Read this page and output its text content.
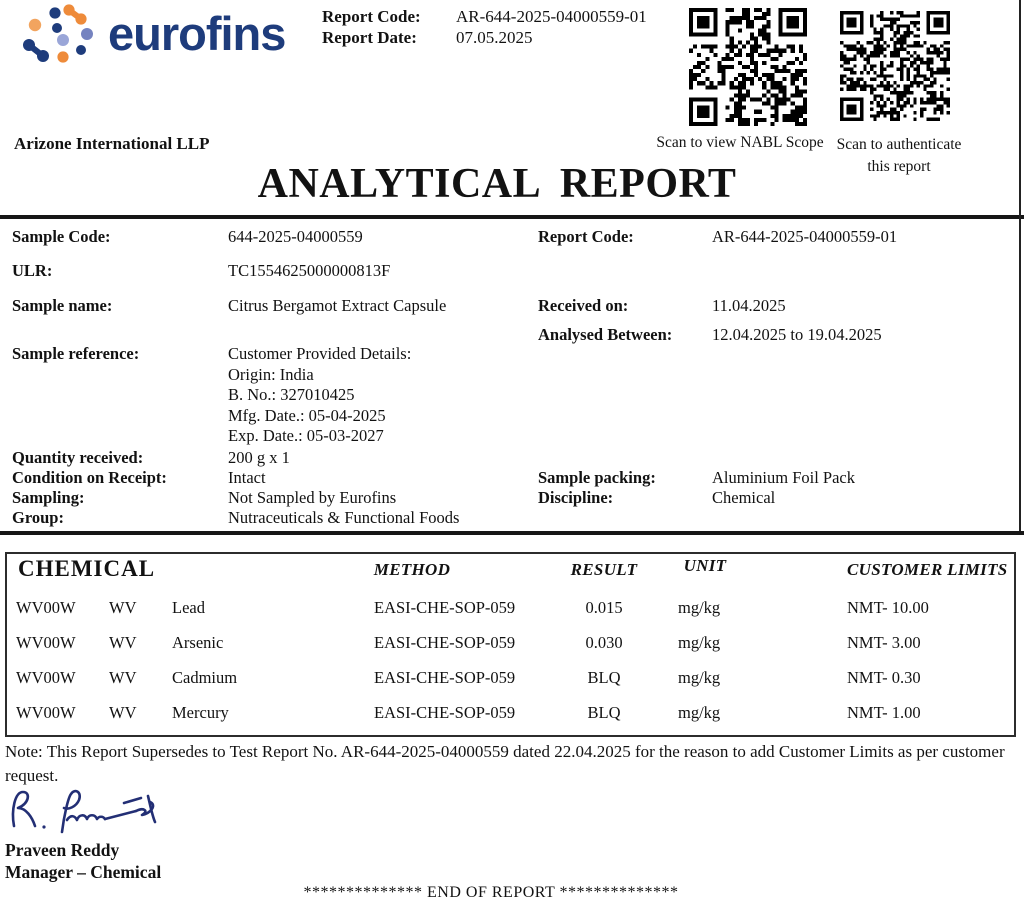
eurofins Report Code:
Report Date:
AR-644-2025-04000559-01
07.05.2025
Scan to view NABL Scope Scan to authenticate
this report
Arizone International LLP
ANALYTICAL REPORT
Sample Code:	644-2025-04000559	Report Code:	AR-644-2025-04000559-01
ULR:	TC1554625000000813F
Sample name:	Citrus Bergamot Extract Capsule	Received on:	11.04.2025
Analysed Between: 12.04.2025 to 19.04.2025
Sample reference:	Customer Provided Details:
Origin: India
B. No.: 327010425
Mfg. Date.: 05-04-2025
Exp. Date.: 05-03-2027
Quantity received:	200 g x 1
Condition on Receipt:	Intact	Sample packing:	Aluminium Foil Pack
Sampling:	Not Sampled by Eurofins	Discipline:	Chemical
Group:	Nutraceuticals & Functional Foods
CHEMICAL	METHOD	RESULT	UNIT	CUSTOMER LIMITS
WV00W WV Lead	EASI-CHE-SOP-059	0.015	mg/kg	NMT- 10.00
WV00W WV Arsenic	EASI-CHE-SOP-059	0.030	mg/kg	NMT- 3.00
WV00W WV Cadmium	EASI-CHE-SOP-059	BLQ	mg/kg	NMT- 0.30
WV00W WV Mercury	EASI-CHE-SOP-059	BLQ	mg/kg	NMT- 1.00
Note: This Report Supersedes to Test Report No. AR-644-2025-04000559 dated 22.04.2025 for the reason to add Customer Limits as per customer request.
Praveen Reddy
Manager – Chemical
************** END OF REPORT **************
